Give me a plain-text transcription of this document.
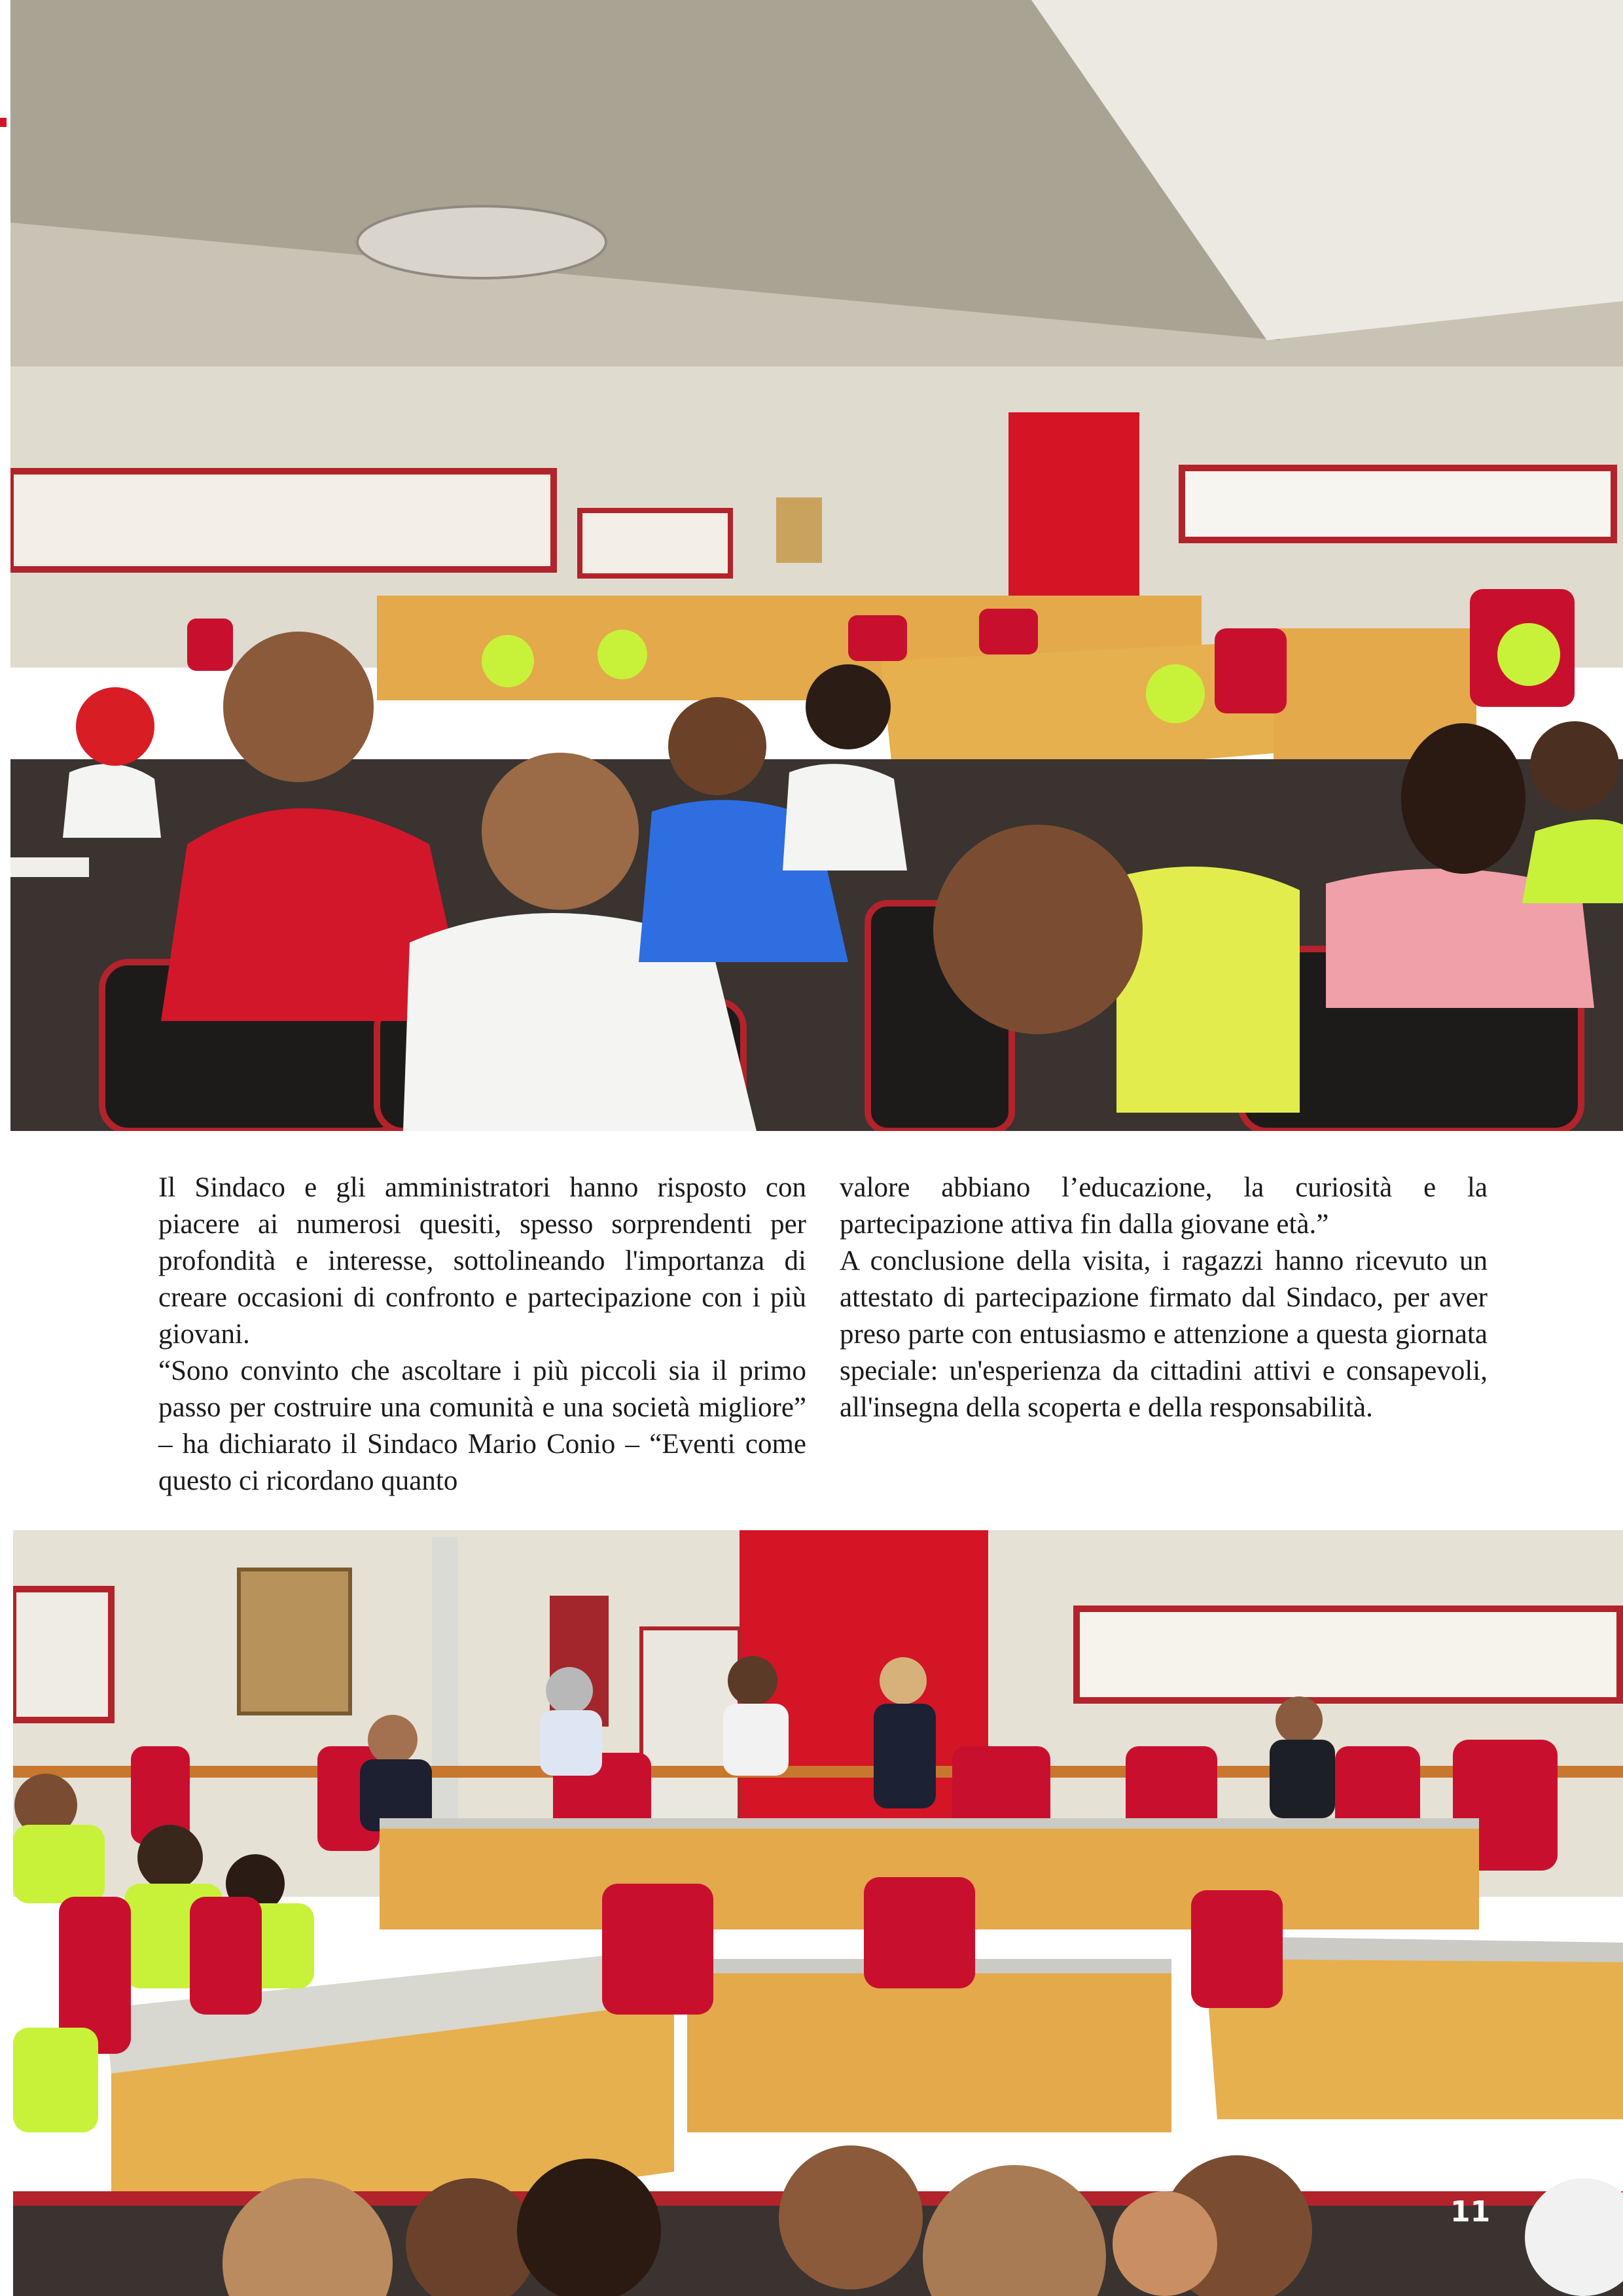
Il Sindaco e gli amministratori hanno risposto con piacere ai numerosi quesiti, spesso sorprendenti per profondità e interesse, sottolineando l'importanza di creare occasioni di confronto e partecipazione con i più giovani.

“Sono convinto che ascoltare i più piccoli sia il primo passo per costruire una comunità e una società migliore” – ha dichiarato il Sindaco Mario Conio – “Eventi come questo ci ricordano quanto

valore abbiano l’educazione, la curiosità e la partecipazione attiva fin dalla giovane età.”

A conclusione della visita, i ragazzi hanno ricevuto un attestato di partecipazione firmato dal Sindaco, per aver preso parte con entusiasmo e attenzione a questa giornata speciale: un'esperienza da cittadini attivi e consapevoli, all'insegna della scoperta e della responsabilità.

11
